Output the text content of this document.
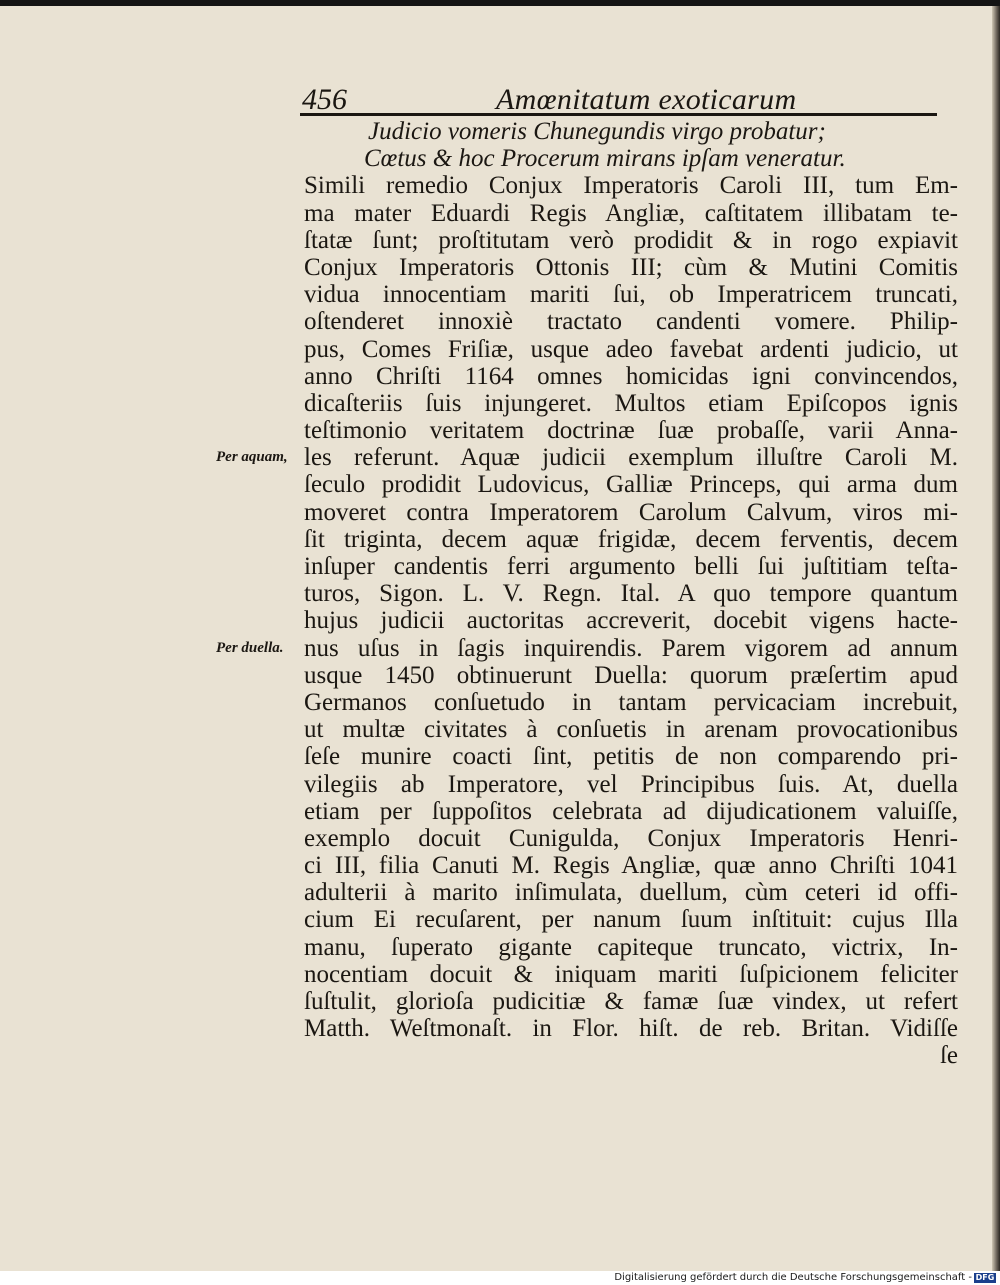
456	Amœnitatum exoticarum
Judicio vomeris Chunegundis virgo probatur;
Cœtus & hoc Procerum mirans ipſam veneratur.
Simili remedio Conjux Imperatoris Caroli III, tum Em-
ma mater Eduardi Regis Angliæ, caſtitatem illibatam te-
ſtatæ ſunt; proſtitutam verò prodidit & in rogo expiavit
Conjux Imperatoris Ottonis III; cùm & Mutini Comitis
vidua innocentiam mariti ſui, ob Imperatricem truncati,
oſtenderet innoxiè tractato candenti vomere. Philip-
pus, Comes Friſiæ, usque adeo favebat ardenti judicio, ut
anno Chriſti 1164 omnes homicidas igni convincendos,
dicaſteriis ſuis injungeret. Multos etiam Epiſcopos ignis
teſtimonio veritatem doctrinæ ſuæ probaſſe, varii Anna-
les referunt. Aquæ judicii exemplum illuſtre Caroli M.
ſeculo prodidit Ludovicus, Galliæ Princeps, qui arma dum
moveret contra Imperatorem Carolum Calvum, viros mi-
ſit triginta, decem aquæ frigidæ, decem ferventis, decem
inſuper candentis ferri argumento belli ſui juſtitiam teſta-
turos, Sigon. L. V. Regn. Ital. A quo tempore quantum
hujus judicii auctoritas accreverit, docebit vigens hacte-
nus uſus in ſagis inquirendis. Parem vigorem ad annum
usque 1450 obtinuerunt Duella: quorum præſertim apud
Germanos conſuetudo in tantam pervicaciam increbuit,
ut multæ civitates à conſuetis in arenam provocationibus
ſeſe munire coacti ſint, petitis de non comparendo pri-
vilegiis ab Imperatore, vel Principibus ſuis. At, duella
etiam per ſuppoſitos celebrata ad dijudicationem valuiſſe,
exemplo docuit Cunigulda, Conjux Imperatoris Henri-
ci III, filia Canuti M. Regis Angliæ, quæ anno Chriſti 1041
adulterii à marito inſimulata, duellum, cùm ceteri id offi-
cium Ei recuſarent, per nanum ſuum inſtituit: cujus Illa
manu, ſuperato gigante capiteque truncato, victrix, In-
nocentiam docuit & iniquam mariti ſuſpicionem feliciter
ſuſtulit, glorioſa pudicitiæ & famæ ſuæ vindex, ut refert
Matth. Weſtmonaſt. in Flor. hiſt. de reb. Britan. Vidiſſe
ſe
Per aquam,
Per duella.
Digitalisierung gefördert durch die Deutsche Forschungsgemeinschaft - DFG
